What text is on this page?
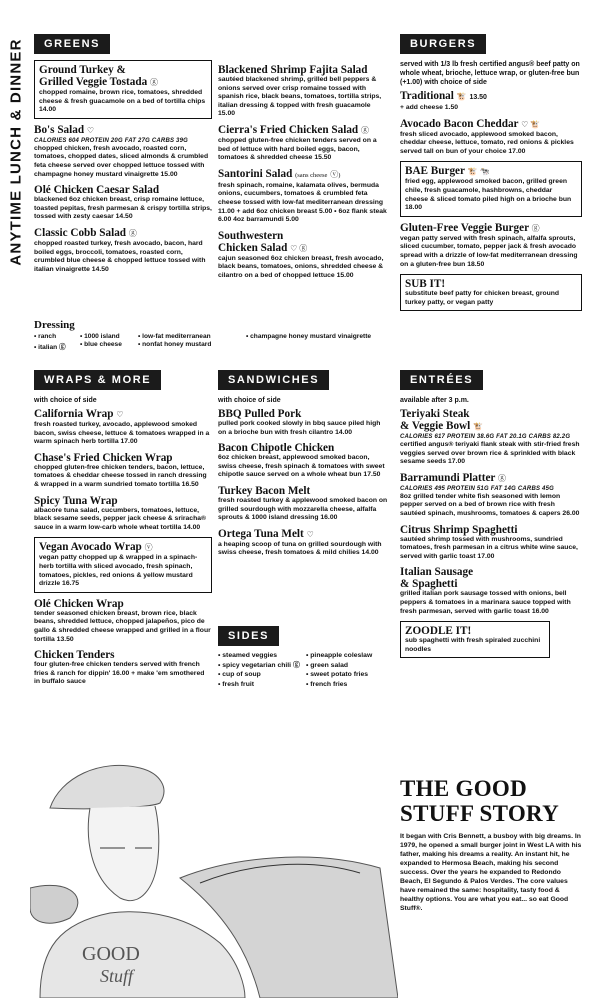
ANYTIME LUNCH & DINNER	GREENS
Ground Turkey &
Grilled Veggie Tostada ⓖ
chopped romaine, brown rice, tomatoes, shredded cheese & fresh guacamole on a bed of tortilla chips 14.00
Bo's Salad ♡
CALORIES 604 PROTEIN 20G FAT 27G CARBS 39G
chopped chicken, fresh avocado, roasted corn, tomatoes, chopped dates, sliced almonds & crumbled feta cheese served over chopped lettuce tossed with champagne honey mustard vinaigrette 15.00
Olé Chicken Caesar Salad
blackened 6oz chicken breast, crisp romaine lettuce, toasted pepitas, fresh parmesan & crispy tortilla strips, tossed with zesty caesar 14.50
Classic Cobb Salad ⓖ
chopped roasted turkey, fresh avocado, bacon, hard boiled eggs, broccoli, tomatoes, roasted corn, crumbled blue cheese & chopped lettuce tossed with italian vinaigrette 14.50
Blackened Shrimp Fajita Salad
sautéed blackened shrimp, grilled bell peppers & onions served over crisp romaine tossed with spanish rice, black beans, tomatoes, tortilla strips, italian dressing & topped with fresh guacamole 15.00
Cierra's Fried Chicken Salad ⓖ
chopped gluten-free chicken tenders served on a bed of lettuce with hard boiled eggs, bacon, tomatoes & shredded cheese 15.50
Santorini Salad (sans cheese ⓥ)
fresh spinach, romaine, kalamata olives, bermuda onions, cucumbers, tomatoes & crumbled feta cheese tossed with low-fat mediterranean dressing 11.00 + add 6oz chicken breast 5.00 • 6oz flank steak 6.00 4oz barramundi 5.00
Southwestern
Chicken Salad ♡ ⓖ
cajun seasoned 6oz chicken breast, fresh avocado, black beans, tomatoes, onions, shredded cheese & cilantro on a bed of chopped lettuce 15.00
Dressing
• ranch	• 1000 island	• low-fat mediterranean	• champagne honey mustard vinaigrette
• italian ⓖ	• blue cheese	• nonfat honey mustard
BURGERS
served with 1/3 lb fresh certified angus® beef patty on whole wheat, brioche, lettuce wrap, or gluten-free bun (+1.00) with choice of side
Traditional 🐮 13.50
+ add cheese 1.50
Avocado Bacon Cheddar ♡ 🐮
fresh sliced avocado, applewood smoked bacon, cheddar cheese, lettuce, tomato, red onions & pickles served tall on bun of your choice 17.00
BAE Burger 🐮 🐄
fried egg, applewood smoked bacon, grilled green chile, fresh guacamole, hashbrowns, cheddar cheese & sliced tomato piled high on a brioche bun 18.00
Gluten-Free Veggie Burger ⓖ
vegan patty served with fresh spinach, alfalfa sprouts, sliced cucumber, tomato, pepper jack & fresh avocado spread with a drizzle of low-fat mediterranean dressing on a gluten-free bun 18.50
SUB IT!
substitute beef patty for chicken breast, ground turkey patty, or vegan patty
WRAPS & MORE
with choice of side
California Wrap ♡
fresh roasted turkey, avocado, applewood smoked bacon, swiss cheese, lettuce & tomatoes wrapped in a warm spinach herb tortilla 17.00
Chase's Fried Chicken Wrap
chopped gluten-free chicken tenders, bacon, lettuce, tomatoes & cheddar cheese tossed in ranch dressing & wrapped in a warm sundried tomato tortilla 16.50
Spicy Tuna Wrap
albacore tuna salad, cucumbers, tomatoes, lettuce, black sesame seeds, pepper jack cheese & sriracha® sauce in a warm low-carb whole wheat tortilla 14.00
Vegan Avocado Wrap ⓥ
vegan patty chopped up & wrapped in a spinach-herb tortilla with sliced avocado, fresh spinach, tomatoes, pickles, red onions & yellow mustard drizzle 16.75
Olé Chicken Wrap
tender seasoned chicken breast, brown rice, black beans, shredded lettuce, chopped jalapeños, pico de gallo & shredded cheese wrapped and grilled in a flour tortilla 13.50
Chicken Tenders
four gluten-free chicken tenders served with french fries & ranch for dippin' 16.00 + make 'em smothered in buffalo sauce
SANDWICHES
with choice of side
BBQ Pulled Pork
pulled pork cooked slowly in bbq sauce piled high on a brioche bun with fresh cilantro 14.00
Bacon Chipotle Chicken
6oz chicken breast, applewood smoked bacon, swiss cheese, fresh spinach & tomatoes with sweet chipotle sauce served on a whole wheat bun 17.50
Turkey Bacon Melt
fresh roasted turkey & applewood smoked bacon on grilled sourdough with mozzarella cheese, alfalfa sprouts & 1000 island dressing 16.00
Ortega Tuna Melt ♡
a heaping scoop of tuna on grilled sourdough with swiss cheese, fresh tomatoes & mild chilies 14.00
SIDES
• steamed veggies	• pineapple coleslaw
• spicy vegetarian chili ⓖ • green salad
• cup of soup	• sweet potato fries
• fresh fruit	• french fries
ENTRÉES
available after 3 p.m.
Teriyaki Steak
& Veggie Bowl 🐮
CALORIES 617 PROTEIN 38.6G FAT 20.1G CARBS 82.2G
certified angus® teriyaki flank steak with stir-fried fresh veggies served over brown rice & sprinkled with black sesame seeds 17.00
Barramundi Platter ⓖ
CALORIES 495 PROTEIN 51G FAT 14G CARBS 45G
8oz grilled tender white fish seasoned with lemon pepper served on a bed of brown rice with fresh sautéed spinach, mushrooms, tomatoes & capers 26.00
Citrus Shrimp Spaghetti
sautéed shrimp tossed with mushrooms, sundried tomatoes, fresh parmesan in a citrus white wine sauce, served with garlic toast 17.00
Italian Sausage
& Spaghetti
grilled italian pork sausage tossed with onions, bell peppers & tomatoes in a marinara sauce topped with fresh parmesan, served with garlic toast 16.00
ZOODLE IT!
sub spaghetti with fresh spiraled zucchini noodles
GOOD
Stuff
THE GOOD
STUFF STORY
It began with Cris Bennett, a busboy with big dreams. In 1979, he opened a small burger joint in West LA with his father, making his dreams a reality. An instant hit, he expanded to Hermosa Beach, making his second success. Over the years he expanded to Redondo Beach, El Segundo & Palos Verdes. The core values have remained the same: hospitality, tasty food & healthy options. You are what you eat... so eat Good Stuff®.
